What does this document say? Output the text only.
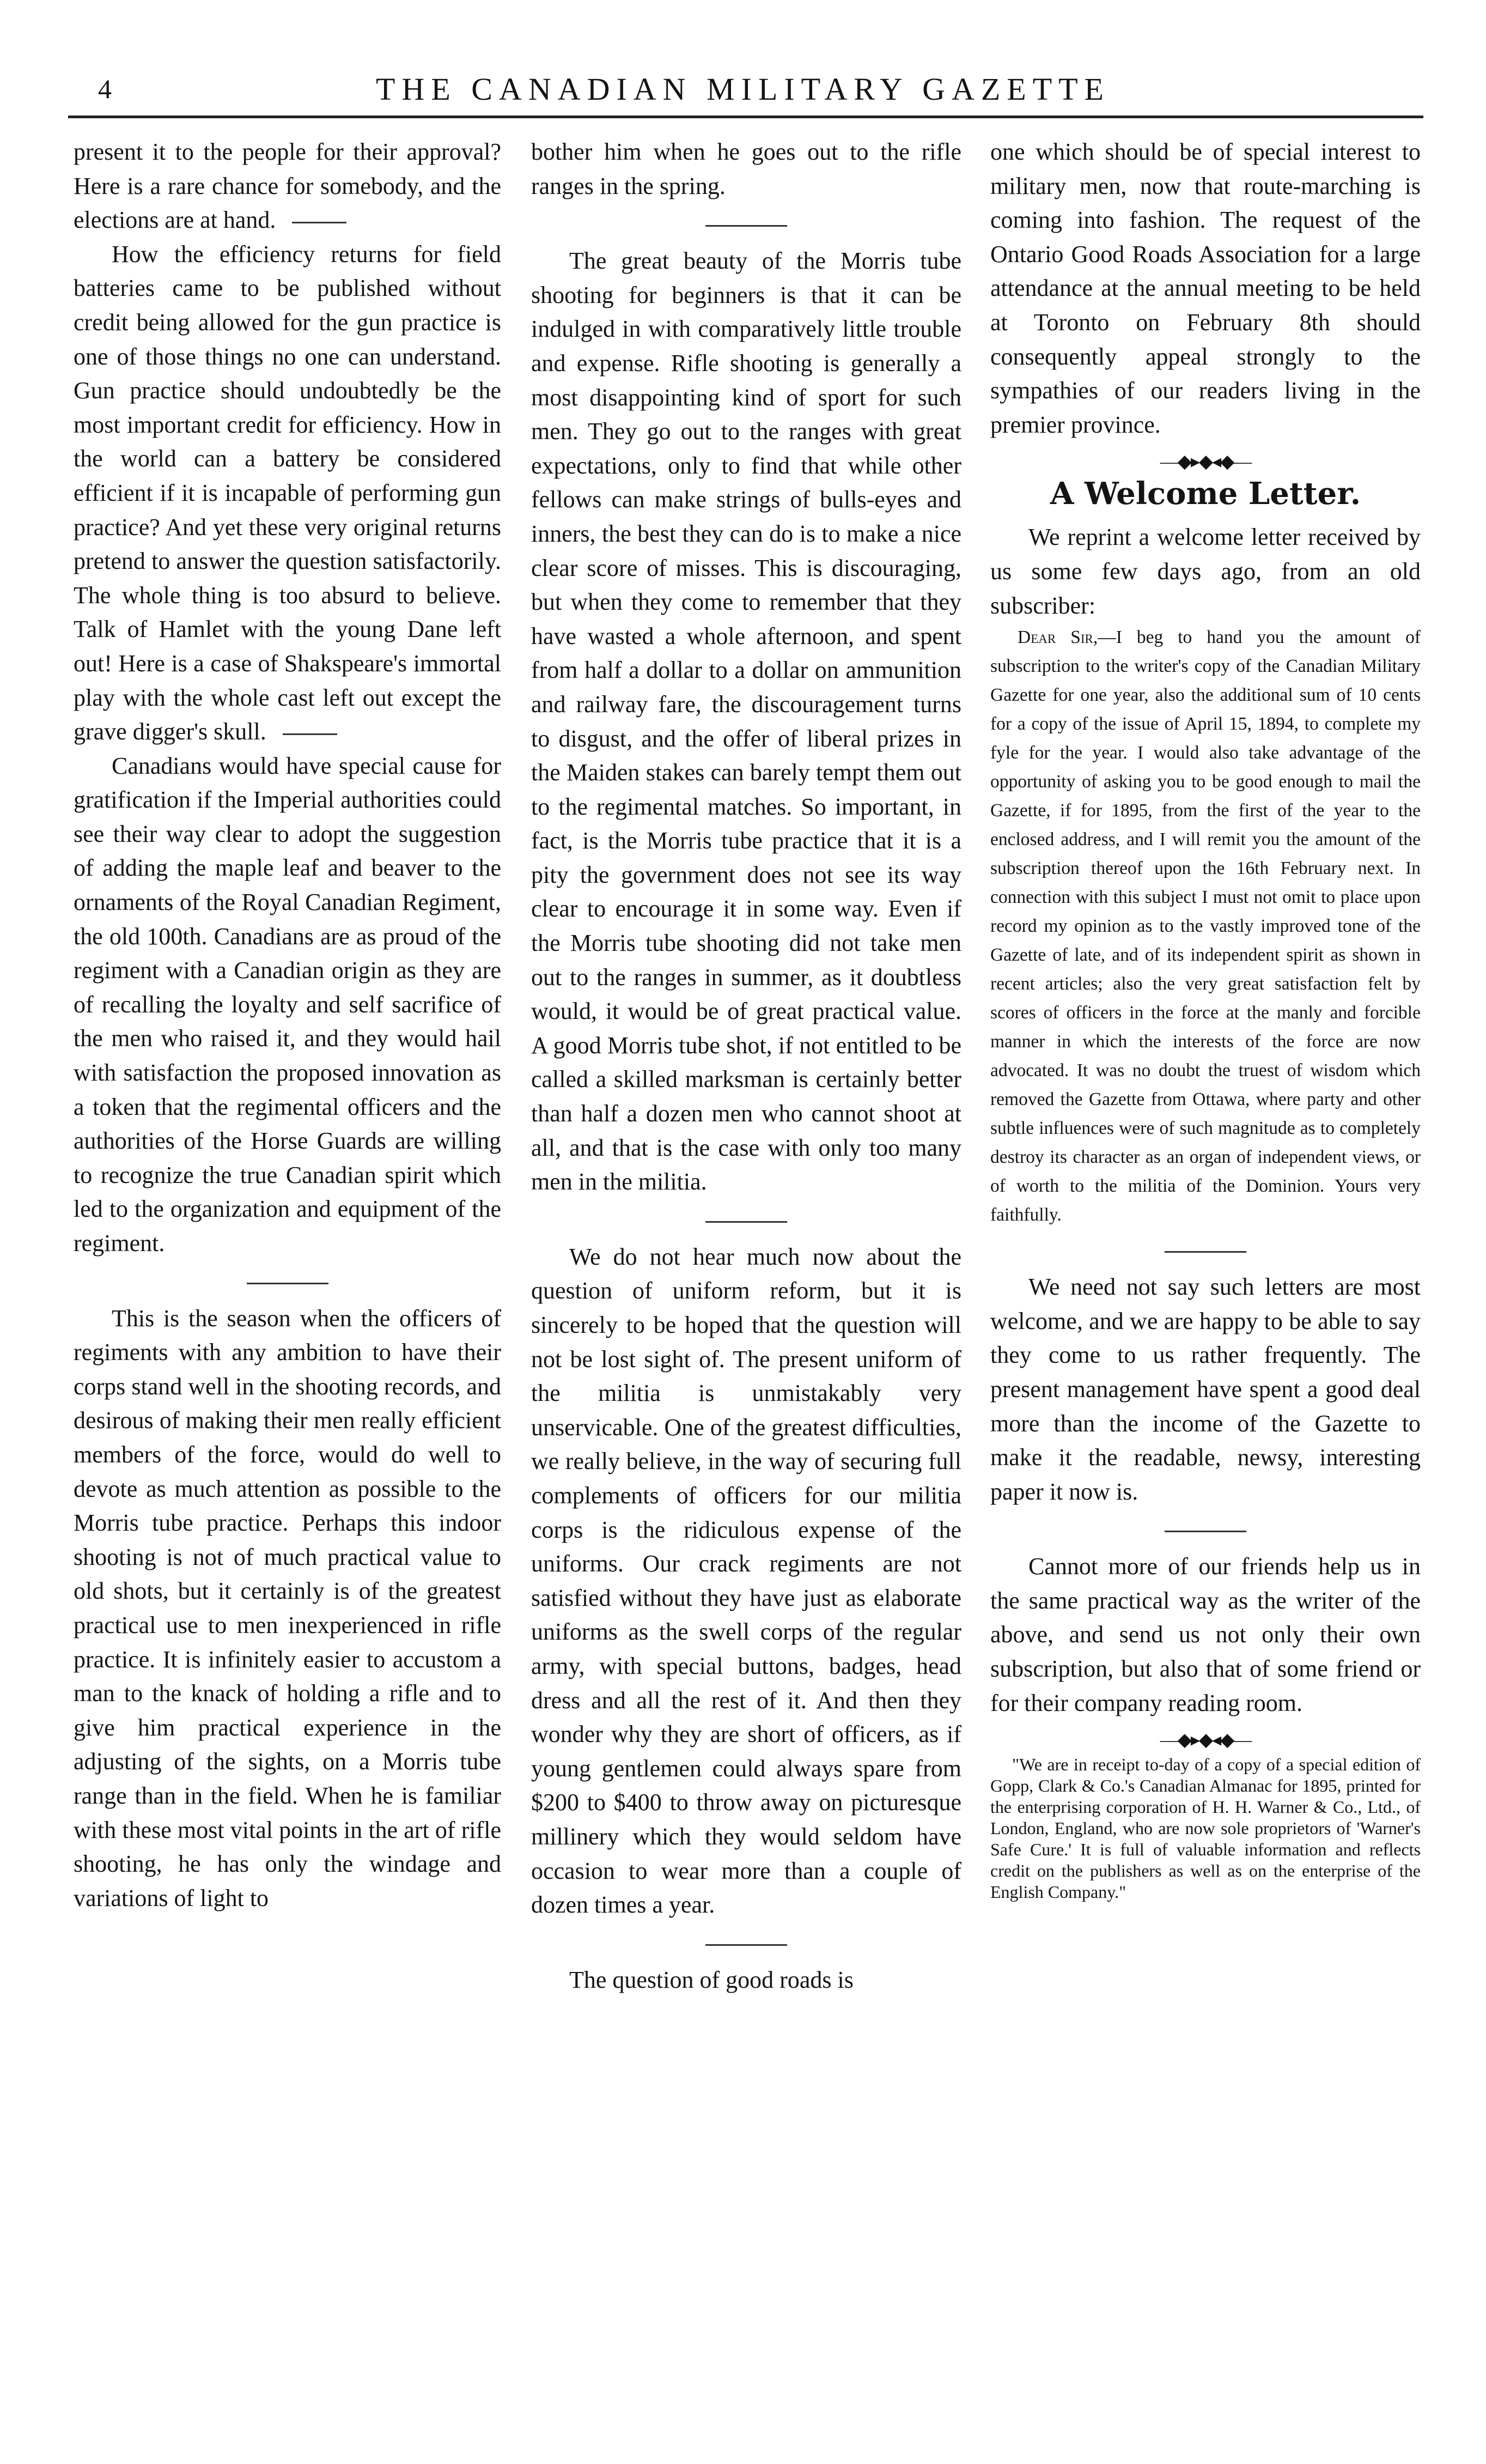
4	THE CANADIAN MILITARY GAZETTE

present it to the people for their approval? Here is a rare chance for somebody, and the elections are at hand.

How the efficiency returns for field batteries came to be published without credit being allowed for the gun practice is one of those things no one can understand. Gun practice should undoubtedly be the most important credit for efficiency. How in the world can a battery be considered efficient if it is incapable of performing gun practice? And yet these very original returns pretend to answer the question satisfactorily. The whole thing is too absurd to believe. Talk of Hamlet with the young Dane left out! Here is a case of Shakspeare's immortal play with the whole cast left out except the grave digger's skull.

Canadians would have special cause for gratification if the Imperial authorities could see their way clear to adopt the suggestion of adding the maple leaf and beaver to the ornaments of the Royal Canadian Regiment, the old 100th. Canadians are as proud of the regiment with a Canadian origin as they are of recalling the loyalty and self sacrifice of the men who raised it, and they would hail with satisfaction the proposed innovation as a token that the regimental officers and the authorities of the Horse Guards are willing to recognize the true Canadian spirit which led to the organization and equipment of the regiment.

This is the season when the officers of regiments with any ambition to have their corps stand well in the shooting records, and desirous of making their men really efficient members of the force, would do well to devote as much attention as possible to the Morris tube practice. Perhaps this indoor shooting is not of much practical value to old shots, but it certainly is of the greatest practical use to men inexperienced in rifle practice. It is infinitely easier to accustom a man to the knack of holding a rifle and to give him practical experience in the adjusting of the sights, on a Morris tube range than in the field. When he is familiar with these most vital points in the art of rifle shooting, he has only the windage and variations of light to

bother him when he goes out to the rifle ranges in the spring.

The great beauty of the Morris tube shooting for beginners is that it can be indulged in with comparatively little trouble and expense. Rifle shooting is generally a most disappointing kind of sport for such men. They go out to the ranges with great expectations, only to find that while other fellows can make strings of bulls-eyes and inners, the best they can do is to make a nice clear score of misses. This is discouraging, but when they come to remember that they have wasted a whole afternoon, and spent from half a dollar to a dollar on ammunition and railway fare, the discouragement turns to disgust, and the offer of liberal prizes in the Maiden stakes can barely tempt them out to the regimental matches. So important, in fact, is the Morris tube practice that it is a pity the government does not see its way clear to encourage it in some way. Even if the Morris tube shooting did not take men out to the ranges in summer, as it doubtless would, it would be of great practical value. A good Morris tube shot, if not entitled to be called a skilled marksman is certainly better than half a dozen men who cannot shoot at all, and that is the case with only too many men in the militia.

We do not hear much now about the question of uniform reform, but it is sincerely to be hoped that the question will not be lost sight of. The present uniform of the militia is unmistakably very unservicable. One of the greatest difficulties, we really believe, in the way of securing full complements of officers for our militia corps is the ridiculous expense of the uniforms. Our crack regiments are not satisfied without they have just as elaborate uniforms as the swell corps of the regular army, with special buttons, badges, head dress and all the rest of it. And then they wonder why they are short of officers, as if young gentlemen could always spare from $200 to $400 to throw away on picturesque millinery which they would seldom have occasion to wear more than a couple of dozen times a year.

The question of good roads is

one which should be of special interest to military men, now that route-marching is coming into fashion. The request of the Ontario Good Roads Association for a large attendance at the annual meeting to be held at Toronto on February 8th should consequently appeal strongly to the sympathies of our readers living in the premier province.

—◆▸◆◂◆—
A Welcome Letter.

We reprint a welcome letter received by us some few days ago, from an old subscriber:

Dear Sir,—I beg to hand you the amount of subscription to the writer's copy of the Canadian Military Gazette for one year, also the additional sum of 10 cents for a copy of the issue of April 15, 1894, to complete my fyle for the year. I would also take advantage of the opportunity of asking you to be good enough to mail the Gazette, if for 1895, from the first of the year to the enclosed address, and I will remit you the amount of the subscription thereof upon the 16th February next. In connection with this subject I must not omit to place upon record my opinion as to the vastly improved tone of the Gazette of late, and of its independent spirit as shown in recent articles; also the very great satisfaction felt by scores of officers in the force at the manly and forcible manner in which the interests of the force are now advocated. It was no doubt the truest of wisdom which removed the Gazette from Ottawa, where party and other subtle influences were of such magnitude as to completely destroy its character as an organ of independent views, or of worth to the militia of the Dominion. Yours very faithfully.

We need not say such letters are most welcome, and we are happy to be able to say they come to us rather frequently. The present management have spent a good deal more than the income of the Gazette to make it the readable, newsy, interesting paper it now is.

Cannot more of our friends help us in the same practical way as the writer of the above, and send us not only their own subscription, but also that of some friend or for their company reading room.

—◆▸◆◂◆—

"We are in receipt to-day of a copy of a special edition of Gopp, Clark & Co.'s Canadian Almanac for 1895, printed for the enterprising corporation of H. H. Warner & Co., Ltd., of London, England, who are now sole proprietors of 'Warner's Safe Cure.' It is full of valuable information and reflects credit on the publishers as well as on the enterprise of the English Company."
